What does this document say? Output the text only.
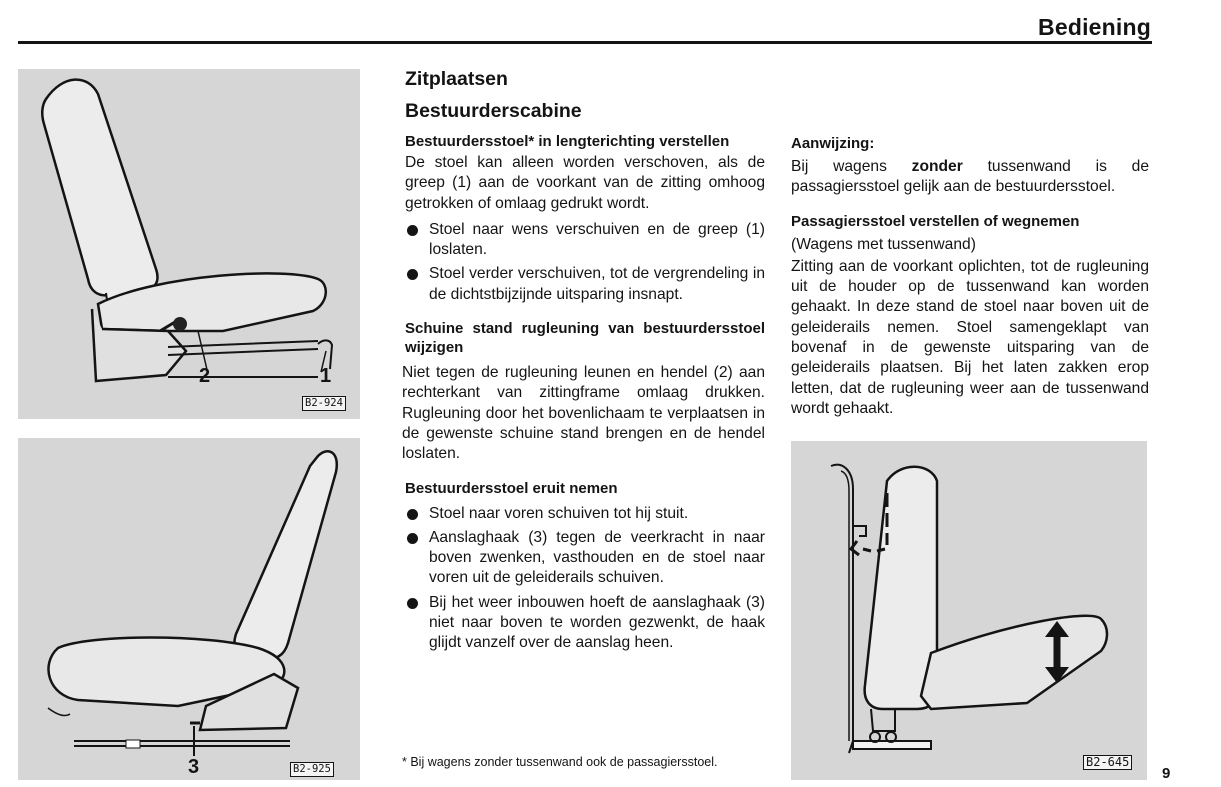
Bediening
2	1
B2-924
3	B2-925

Zitplaatsen

Bestuurderscabine

Bestuurdersstoel* in lengterichting verstellen

De stoel kan alleen worden verschoven, als de greep (1) aan de voorkant van de zitting omhoog getrokken of omlaag gedrukt wordt.

Stoel naar wens verschuiven en de greep (1) loslaten.
Stoel verder verschuiven, tot de vergrendeling in de dichtstbijzijnde uitsparing insnapt.

Schuine stand rugleuning van bestuurdersstoel wijzigen

Niet tegen de rugleuning leunen en hendel (2) aan rechterkant van zittingframe omlaag drukken. Rugleuning door het bovenlichaam te verplaatsen in de gewenste schuine stand brengen en de hendel loslaten.

Bestuurdersstoel eruit nemen

Stoel naar voren schuiven tot hij stuit.
Aanslaghaak (3) tegen de veerkracht in naar boven zwenken, vasthouden en de stoel naar voren uit de geleiderails schuiven.
Bij het weer inbouwen hoeft de aanslaghaak (3) niet naar boven te worden gezwenkt, de haak glijdt vanzelf over de aanslag heen.
* Bij wagens zonder tussenwand ook de passagiersstoel.

Aanwijzing:

Bij wagens zonder tussenwand is de passagiersstoel gelijk aan de bestuurdersstoel.

Passagiersstoel verstellen of wegnemen

(Wagens met tussenwand)

Zitting aan de voorkant oplichten, tot de rugleuning uit de houder op de tussenwand kan worden gehaakt. In deze stand de stoel naar boven uit de geleiderails nemen. Stoel samengeklapt van bovenaf in de gewenste uitsparing van de geleiderails plaatsen. Bij het laten zakken erop letten, dat de rugleuning weer aan de tussenwand wordt gehaakt.

B2-645
9
